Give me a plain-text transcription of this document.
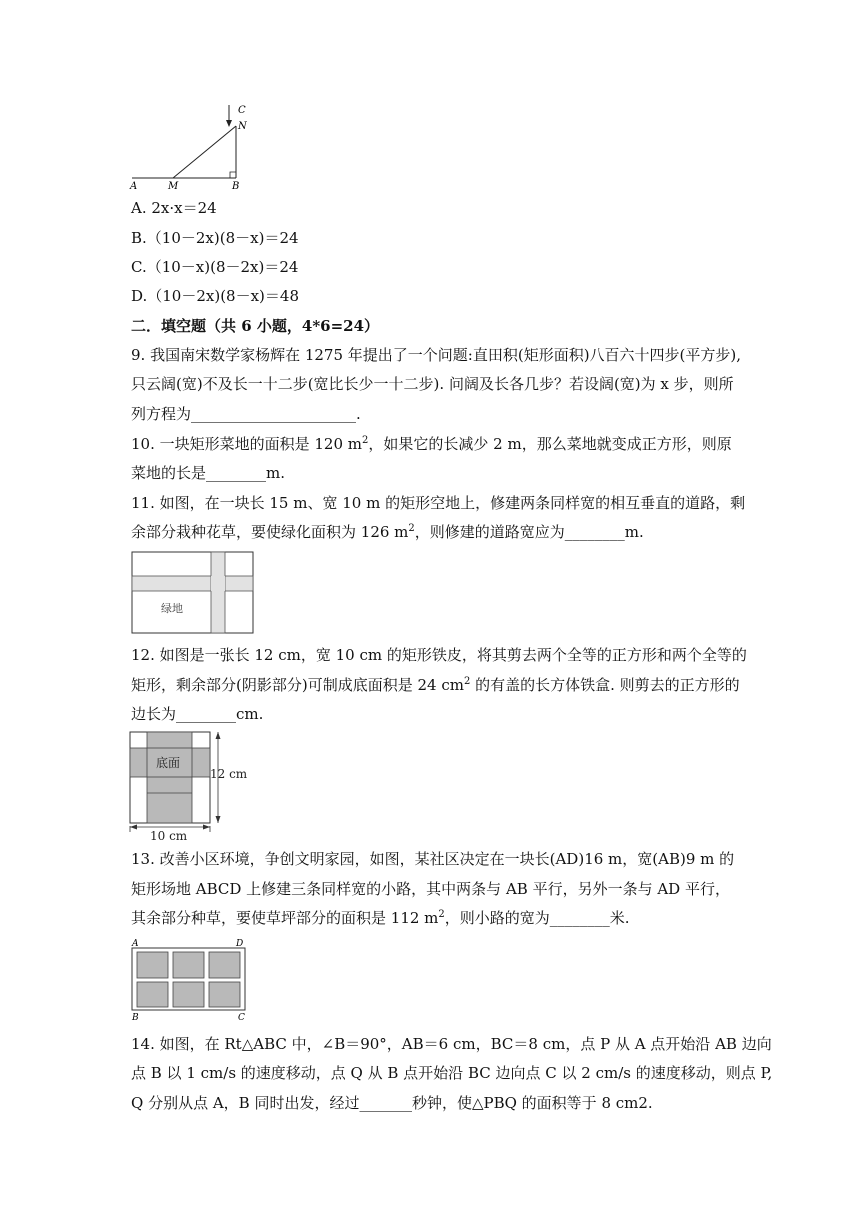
A	M	B
C
N
A. 2x·x＝24
B.（10－2x)(8－x)＝24
C.（10－x)(8－2x)＝24
D.（10－2x)(8－x)＝48
二．填空题（共 6 小题，4*6=24）
9. 我国南宋数学家杨辉在 1275 年提出了一个问题:直田积(矩形面积)八百六十四步(平方步),
只云阔(宽)不及长一十二步(宽比长少一十二步). 问阔及长各几步？若设阔(宽)为 x 步，则所
列方程为______________________.
10. 一块矩形菜地的面积是 120 $m^2$，如果它的长减少 2 m，那么菜地就变成正方形，则原
菜地的长是________m.
11. 如图，在一块长 15 m、宽 10 m 的矩形空地上，修建两条同样宽的相互垂直的道路，剩
余部分栽种花草，要使绿化面积为 126 $m^2$，则修建的道路宽应为________m.
绿地
12. 如图是一张长 12 cm，宽 10 cm 的矩形铁皮，将其剪去两个全等的正方形和两个全等的
矩形，剩余部分(阴影部分)可制成底面积是 24 $cm^2$ 的有盖的长方体铁盒. 则剪去的正方形的
边长为________cm.
底面
12 cm
10 cm
13. 改善小区环境，争创文明家园，如图，某社区决定在一块长(AD)16 m，宽(AB)9 m 的
矩形场地 ABCD 上修建三条同样宽的小路，其中两条与 AB 平行，另外一条与 AD 平行，
其余部分种草，要使草坪部分的面积是 112 $m^2$，则小路的宽为________米.
A	D
B	C
14. 如图，在 Rt△ABC 中，∠B＝90°，AB＝6 cm，BC＝8 cm，点 P 从 A 点开始沿 AB 边向
点 B 以 1 cm/s 的速度移动，点 Q 从 B 点开始沿 BC 边向点 C 以 2 cm/s 的速度移动，则点 P,
Q 分别从点 A，B 同时出发，经过_______秒钟，使△PBQ 的面积等于 8 cm2.
